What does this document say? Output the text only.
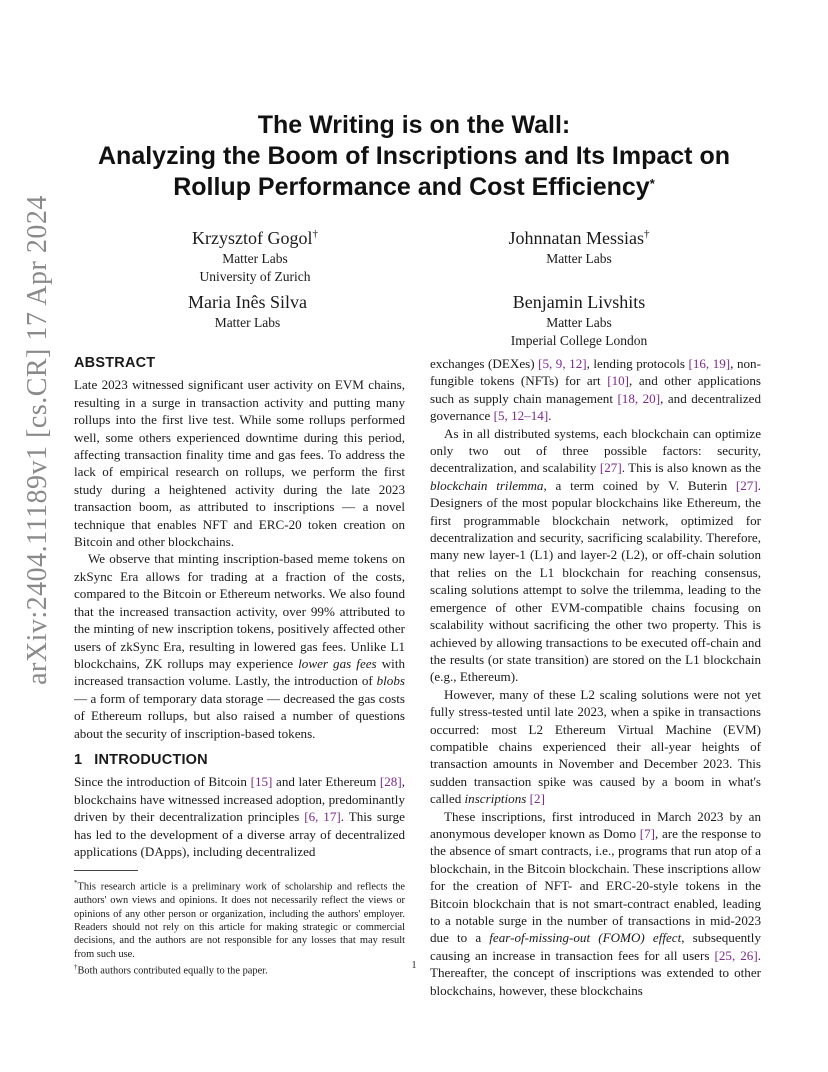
arXiv:2404.11189v1 [cs.CR] 17 Apr 2024
The Writing is on the Wall:
Analyzing the Boom of Inscriptions and Its Impact on
Rollup Performance and Cost Efficiency*
Krzysztof Gogol†
Matter Labs
University of Zurich
Johnnatan Messias†
Matter Labs
Maria Inês Silva
Matter Labs
Benjamin Livshits
Matter Labs
Imperial College London
ABSTRACT

Late 2023 witnessed significant user activity on EVM chains, resulting in a surge in transaction activity and putting many rollups into the first live test. While some rollups performed well, some others experienced downtime during this period, affecting transaction finality time and gas fees. To address the lack of empirical research on rollups, we perform the first study during a heightened activity during the late 2023 transaction boom, as attributed to inscriptions — a novel technique that enables NFT and ERC-20 token creation on Bitcoin and other blockchains.

We observe that minting inscription-based meme tokens on zkSync Era allows for trading at a fraction of the costs, compared to the Bitcoin or Ethereum networks. We also found that the increased transaction activity, over 99% attributed to the minting of new inscription tokens, positively affected other users of zkSync Era, resulting in lowered gas fees. Unlike L1 blockchains, ZK rollups may experience lower gas fees with increased transaction volume. Lastly, the introduction of blobs — a form of temporary data storage — decreased the gas costs of Ethereum rollups, but also raised a number of questions about the security of inscription-based tokens.

1 INTRODUCTION

Since the introduction of Bitcoin [15] and later Ethereum [28], blockchains have witnessed increased adoption, predominantly driven by their decentralization principles [6, 17]. This surge has led to the development of a diverse array of decentralized applications (DApps), including decentralized

*This research article is a preliminary work of scholarship and reflects the authors' own views and opinions. It does not necessarily reflect the views or opinions of any other person or organization, including the authors' employer. Readers should not rely on this article for making strategic or commercial decisions, and the authors are not responsible for any losses that may result from such use.

†Both authors contributed equally to the paper.

exchanges (DEXes) [5, 9, 12], lending protocols [16, 19], non-fungible tokens (NFTs) for art [10], and other applications such as supply chain management [18, 20], and decentralized governance [5, 12–14].

As in all distributed systems, each blockchain can optimize only two out of three possible factors: security, decentralization, and scalability [27]. This is also known as the blockchain trilemma, a term coined by V. Buterin [27]. Designers of the most popular blockchains like Ethereum, the first programmable blockchain network, optimized for decentralization and security, sacrificing scalability. Therefore, many new layer-1 (L1) and layer-2 (L2), or off-chain solution that relies on the L1 blockchain for reaching consensus, scaling solutions attempt to solve the trilemma, leading to the emergence of other EVM-compatible chains focusing on scalability without sacrificing the other two property. This is achieved by allowing transactions to be executed off-chain and the results (or state transition) are stored on the L1 blockchain (e.g., Ethereum).

However, many of these L2 scaling solutions were not yet fully stress-tested until late 2023, when a spike in transactions occurred: most L2 Ethereum Virtual Machine (EVM) compatible chains experienced their all-year heights of transaction amounts in November and December 2023. This sudden transaction spike was caused by a boom in what's called inscriptions [2]

These inscriptions, first introduced in March 2023 by an anonymous developer known as Domo [7], are the response to the absence of smart contracts, i.e., programs that run atop of a blockchain, in the Bitcoin blockchain. These inscriptions allow for the creation of NFT- and ERC-20-style tokens in the Bitcoin blockchain that is not smart-contract enabled, leading to a notable surge in the number of transactions in mid-2023 due to a fear-of-missing-out (FOMO) effect, subsequently causing an increase in transaction fees for all users [25, 26]. Thereafter, the concept of inscriptions was extended to other blockchains, however, these blockchains

1
